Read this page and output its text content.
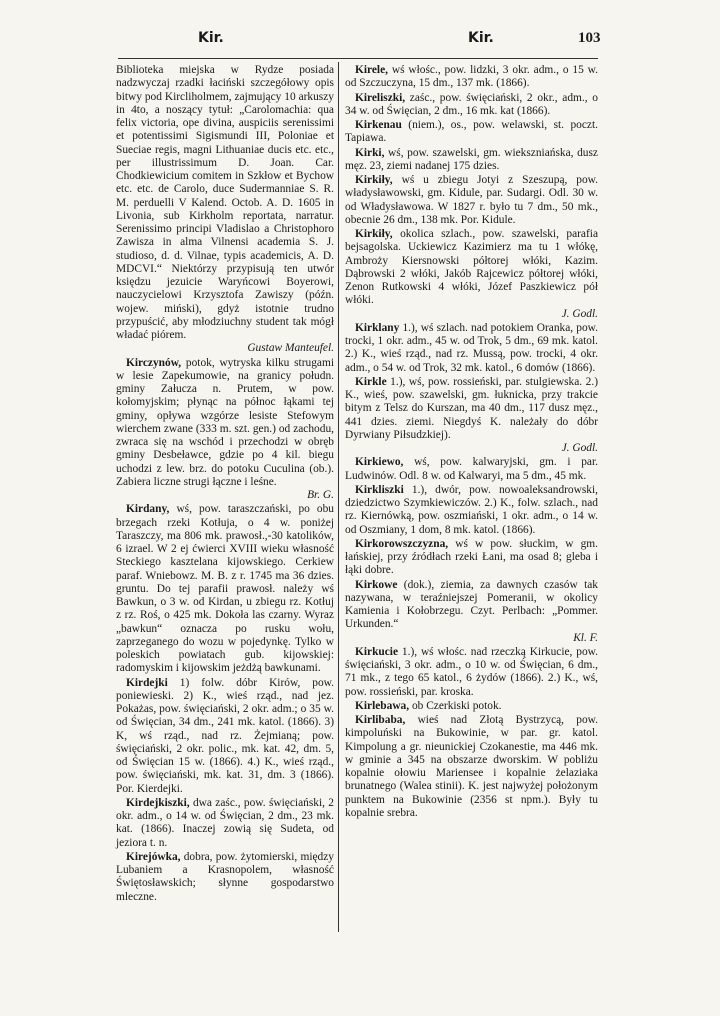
Kir.	Kir.	103

Biblioteka miejska w Rydze posiada nadzwyczaj rzadki łaciński szczegółowy opis bitwy pod Kircliholmem, zajmujący 10 arkuszy in 4to, a noszący tytuł: „Carolomachia: qua felix victoria, ope divina, auspiciis serenissimi et potentissimi Sigismundi III, Poloniae et Sueciae regis, magni Lithuaniae ducis etc. etc., per illustrissimum D. Joan. Car. Chodkiewicium comitem in Szkłow et Bychow etc. etc. de Carolo, duce Sudermanniae S. R. M. perduelli V Kalend. Octob. A. D. 1605 in Livonia, sub Kirkholm reportata, narratur. Serenissimo principi Vladislao a Christophoro Zawisza in alma Vilnensi academia S. J. studioso, d. d. Vilnae, typis academicis, A. D. MDCVI.“ Niektórzy przypisują ten utwór księdzu jezuicie Waryńcowi Boyerowi, nauczycielowi Krzysztofa Zawiszy (późn. wojew. miński), gdyż istotnie trudno przypuścić, aby młodziuchny student tak mógł władać piórem.
Gustaw Manteufel.

Kirczynów, potok, wytryska kilku strugami w lesie Zapekumowie, na granicy połudn. gminy Załucza n. Prutem, w pow. kołomyjskim; płynąc na północ łąkami tej gminy, opływa wzgórze lesiste Stefowym wierchem zwane (333 m. szt. gen.) od zachodu, zwraca się na wschód i przechodzi w obręb gminy Desbeławce, gdzie po 4 kil. biegu uchodzi z lew. brz. do potoku Cuculina (ob.). Zabiera liczne strugi łączne i leśne.
Br. G.

Kirdany, wś, pow. taraszczański, po obu brzegach rzeki Kotłuja, o 4 w. poniżej Taraszczy, ma 806 mk. prawosł.,-30 katolików, 6 izrael. W 2 ej ćwierci XVIII wieku własność Steckiego kasztelana kijowskiego. Cerkiew paraf. Wniebowz. M. B. z r. 1745 ma 36 dzies. gruntu. Do tej parafii prawosł. należy wś Bawkun, o 3 w. od Kirdan, u zbiegu rz. Kotłuj z rz. Roś, o 425 mk. Dokoła las czarny. Wyraz „bawkun“ oznacza po rusku wołu, zaprzeganego do wozu w pojedynkę. Tylko w poleskich powiatach gub. kijowskiej: radomyskim i kijowskim jeżdżą bawkunami.

Kirdejki 1) folw. dóbr Kirów, pow. poniewieski. 2) K., wieś rząd., nad jez. Pokażas, pow. święciański, 2 okr. adm.; o 35 w. od Święcian, 34 dm., 241 mk. katol. (1866). 3) K, wś rząd., nad rz. Żejmianą; pow. święciański, 2 okr. polic., mk. kat. 42, dm. 5, od Święcian 15 w. (1866). 4.) K., wieś rząd., pow. święciański, mk. kat. 31, dm. 3 (1866). Por. Kierdejki.

Kirdejkiszki, dwa zaśc., pow. święciański, 2 okr. adm., o 14 w. od Święcian, 2 dm., 23 mk. kat. (1866). Inaczej zowią się Sudeta, od jeziora t. n.

Kirejówka, dobra, pow. żytomierski, między Lubaniem a Krasnopolem, własność Świętosławskich; słynne gospodarstwo mleczne.

Kirele, wś włośc., pow. lidzki, 3 okr. adm., o 15 w. od Szczuczyna, 15 dm., 137 mk. (1866).

Kireliszki, zaśc., pow. święciański, 2 okr., adm., o 34 w. od Święcian, 2 dm., 16 mk. kat (1866).

Kirkenau (niem.), os., pow. welawski, st. poczt. Tapiawa.

Kirki, wś, pow. szawelski, gm. wiekszniańska, dusz męz. 23, ziemi nadanej 175 dzies.

Kirkiły, wś u zbiegu Jotyi z Szeszupą, pow. władysławowski, gm. Kidule, par. Sudargi. Odl. 30 w. od Władysławowa. W 1827 r. było tu 7 dm., 50 mk., obecnie 26 dm., 138 mk. Por. Kidule.

Kirkiły, okolica szlach., pow. szawelski, parafia bejsagolska. Uckiewicz Kazimierz ma tu 1 włókę, Ambroży Kiersnowski półtorej włóki, Kazim. Dąbrowski 2 włóki, Jakób Rajcewicz półtorej włóki, Zenon Rutkowski 4 włóki, Józef Paszkiewicz pół włóki.
J. Godl.

Kirklany 1.), wś szlach. nad potokiem Oranka, pow. trocki, 1 okr. adm., 45 w. od Trok, 5 dm., 69 mk. katol. 2.) K., wieś rząd., nad rz. Mussą, pow. trocki, 4 okr. adm., o 54 w. od Trok, 32 mk. katol., 6 domów (1866).

Kirkle 1.), wś, pow. rossieński, par. stulgiewska. 2.) K., wieś, pow. szawelski, gm. łuknicka, przy trakcie bitym z Telsz do Kurszan, ma 40 dm., 117 dusz męz., 441 dzies. ziemi. Niegdyś K. należały do dóbr Dyrwiany Piłsudzkiej).
J. Godl.

Kirkiewo, wś, pow. kalwaryjski, gm. i par. Ludwinów. Odl. 8 w. od Kalwaryi, ma 5 dm., 45 mk.

Kirkliszki 1.), dwór, pow. nowoaleksandrowski, dziedzictwo Szymkiewiczów. 2.) K., folw. szlach., nad rz. Kiernówką, pow. oszmiański, 1 okr. adm., o 14 w. od Oszmiany, 1 dom, 8 mk. katol. (1866).

Kirkorowszczyzna, wś w pow. słuckim, w gm. łańskiej, przy źródłach rzeki Łani, ma osad 8; gleba i łąki dobre.

Kirkowe (dok.), ziemia, za dawnych czasów tak nazywana, w teraźniejszej Pomeranii, w okolicy Kamienia i Kołobrzegu. Czyt. Perlbach: „Pommer. Urkunden.“
Kl. F.

Kirkucie 1.), wś włośc. nad rzeczką Kirkucie, pow. święciański, 3 okr. adm., o 10 w. od Święcian, 6 dm., 71 mk., z tego 65 katol., 6 żydów (1866). 2.) K., wś, pow. rossieński, par. kroska.

Kirlebawa, ob Czerkiski potok.

Kirlibaba, wieś nad Złotą Bystrzycą, pow. kimpoluński na Bukowinie, w par. gr. katol. Kimpolung a gr. nieunickiej Czokanestie, ma 446 mk. w gminie a 345 na obszarze dworskim. W pobliżu kopalnie ołowiu Mariensee i kopalnie żelaziaka brunatnego (Walea stinii). K. jest najwyżej położonym punktem na Bukowinie (2356 st npm.). Były tu kopalnie srebra.
